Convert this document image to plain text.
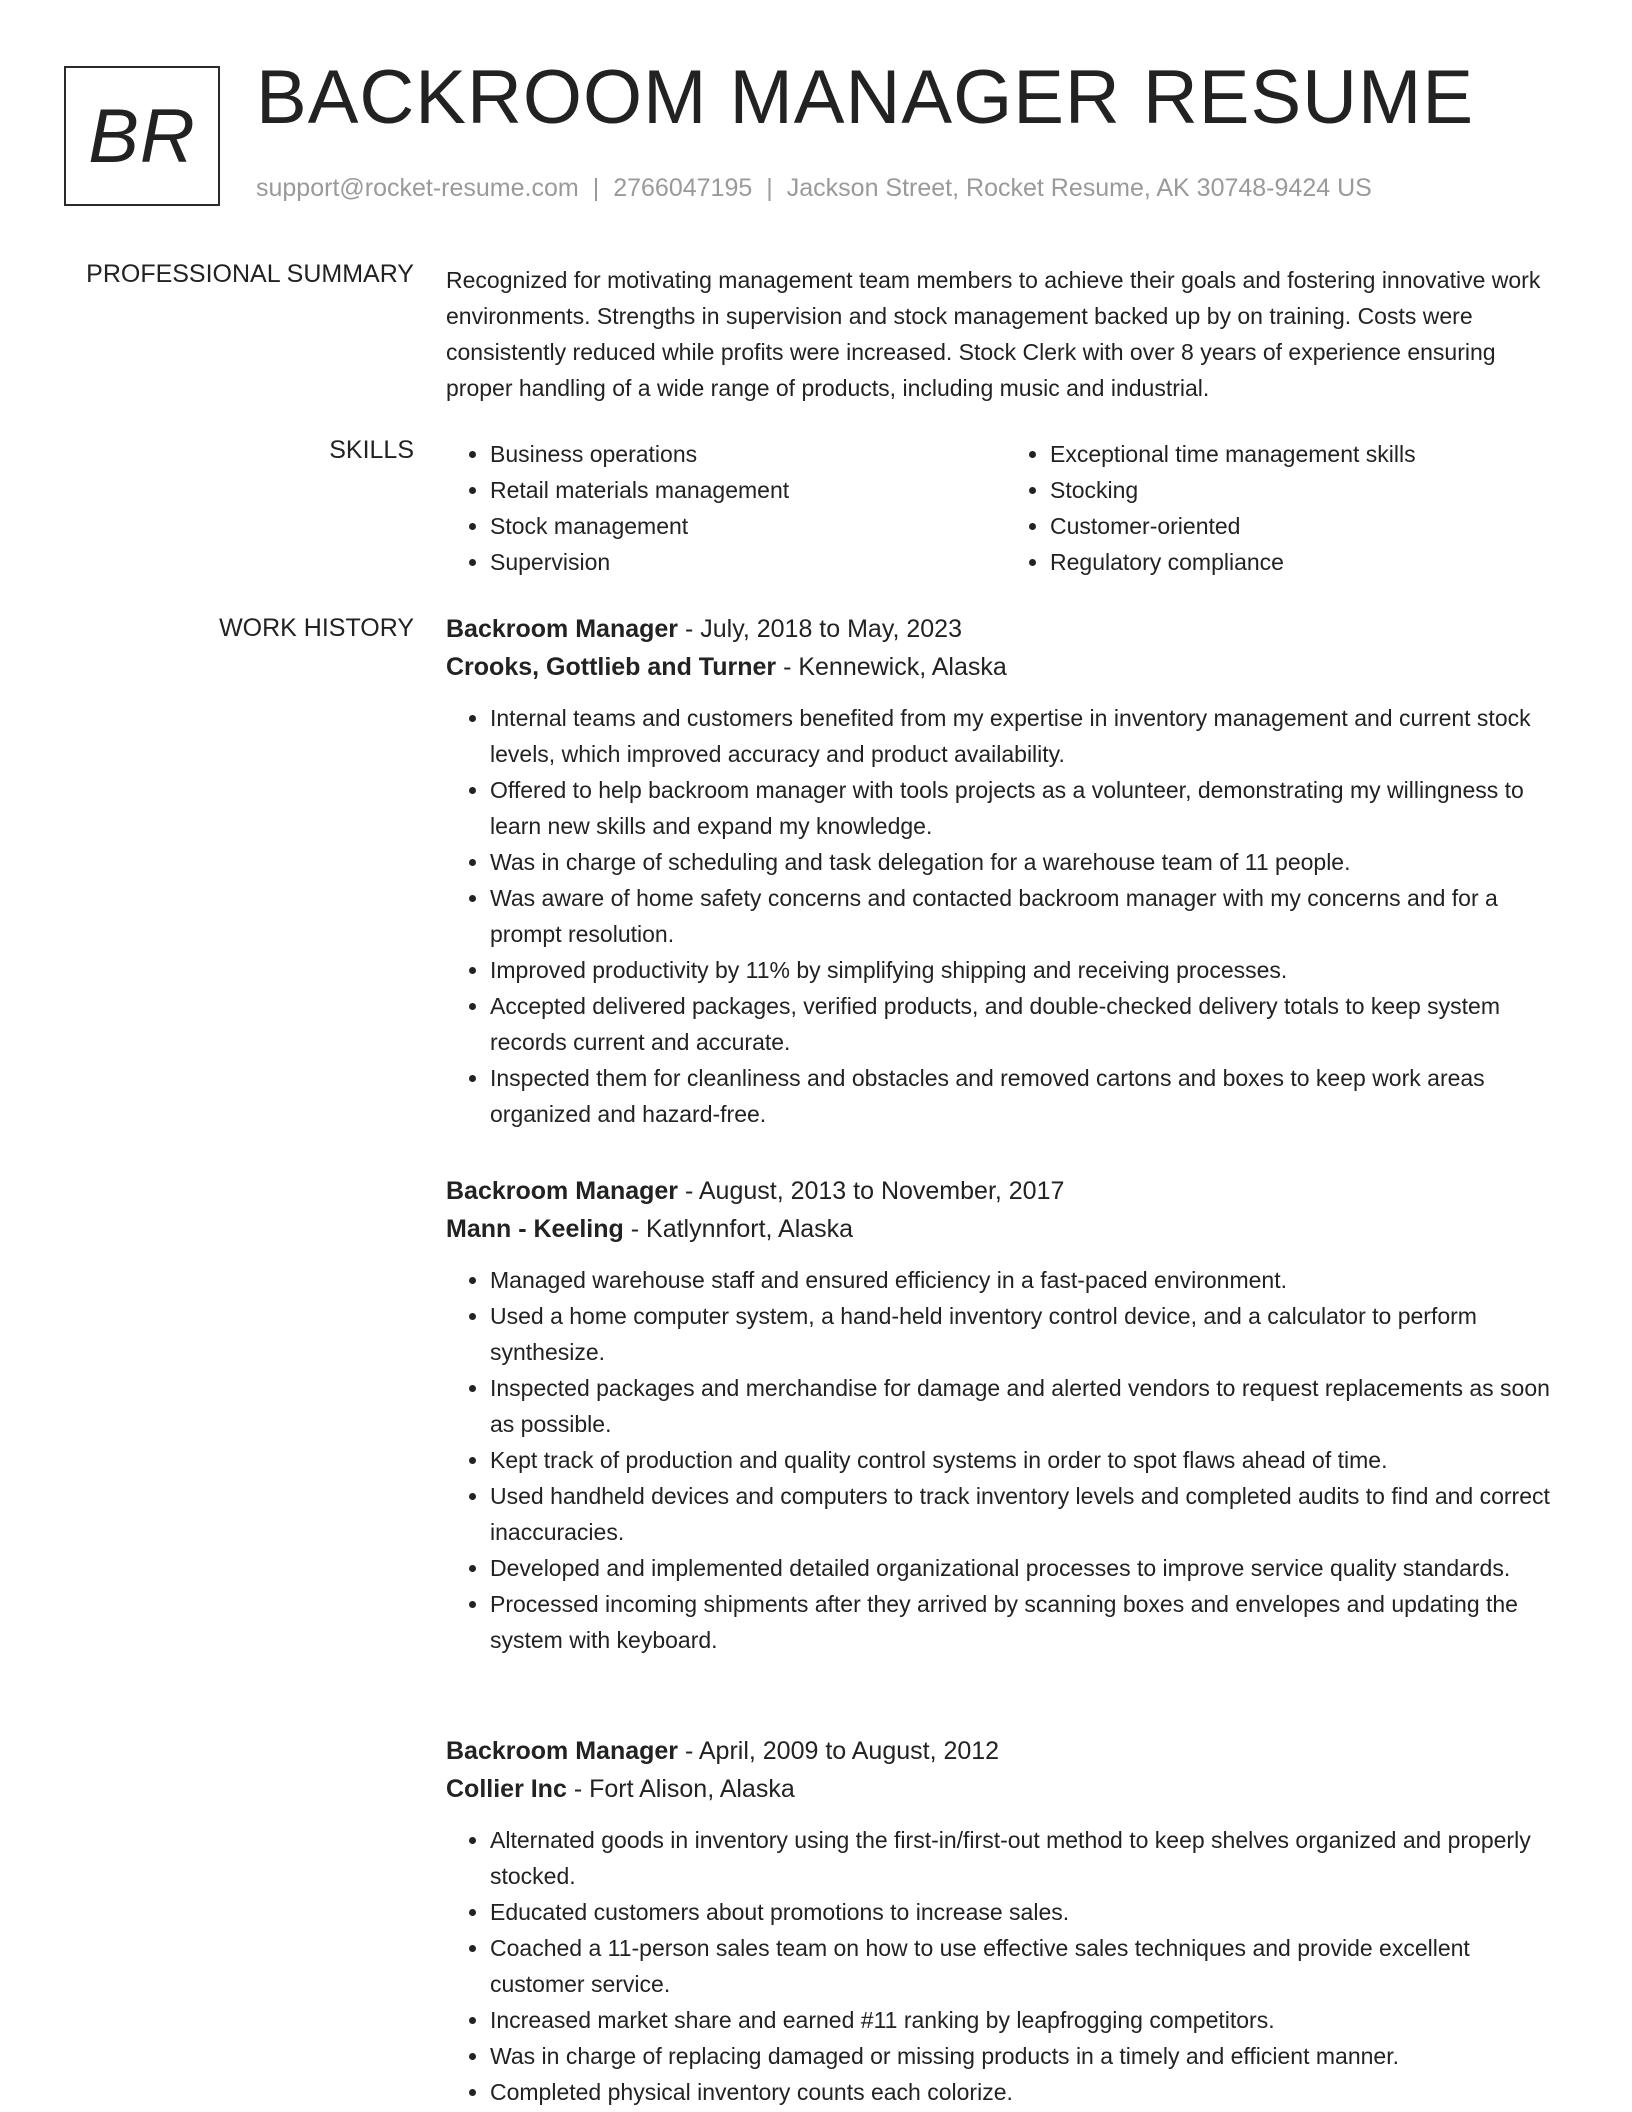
BR BACKROOM MANAGER RESUME
support@rocket-resume.com | 2766047195 | Jackson Street, Rocket Resume, AK 30748-9424 US
PROFESSIONAL SUMMARY Recognized for motivating management team members to achieve their goals and fostering innovative work environments. Strengths in supervision and stock management backed up by on training. Costs were consistently reduced while profits were increased. Stock Clerk with over 8 years of experience ensuring proper handling of a wide range of products, including music and industrial.

SKILLS
•	Business operations
• Retail materials management
• Stock management
• Supervision
• Exceptional time management skills
• Stocking
• Customer-oriented
• Regulatory compliance
WORK HISTORY Backroom Manager - July, 2018 to May, 2023
Crooks, Gottlieb and Turner - Kennewick, Alaska
• Internal teams and customers benefited from my expertise in inventory management and current stock levels, which improved accuracy and product availability.
• Offered to help backroom manager with tools projects as a volunteer, demonstrating my willingness to learn new skills and expand my knowledge.
• Was in charge of scheduling and task delegation for a warehouse team of 11 people.
• Was aware of home safety concerns and contacted backroom manager with my concerns and for a prompt resolution.
• Improved productivity by 11% by simplifying shipping and receiving processes.
• Accepted delivered packages, verified products, and double-checked delivery totals to keep system records current and accurate.
• Inspected them for cleanliness and obstacles and removed cartons and boxes to keep work areas organized and hazard-free.
Backroom Manager - August, 2013 to November, 2017
Mann - Keeling - Katlynnfort, Alaska
• Managed warehouse staff and ensured efficiency in a fast-paced environment.
• Used a home computer system, a hand-held inventory control device, and a calculator to perform synthesize.
• Inspected packages and merchandise for damage and alerted vendors to request replacements as soon as possible.
• Kept track of production and quality control systems in order to spot flaws ahead of time.
• Used handheld devices and computers to track inventory levels and completed audits to find and correct inaccuracies.
• Developed and implemented detailed organizational processes to improve service quality standards.
• Processed incoming shipments after they arrived by scanning boxes and envelopes and updating the system with keyboard.
Backroom Manager - April, 2009 to August, 2012
Collier Inc - Fort Alison, Alaska
• Alternated goods in inventory using the first-in/first-out method to keep shelves organized and properly stocked.
• Educated customers about promotions to increase sales.
• Coached a 11-person sales team on how to use effective sales techniques and provide excellent customer service.
• Increased market share and earned #11 ranking by leapfrogging competitors.
• Was in charge of replacing damaged or missing products in a timely and efficient manner.
• Completed physical inventory counts each colorize.
